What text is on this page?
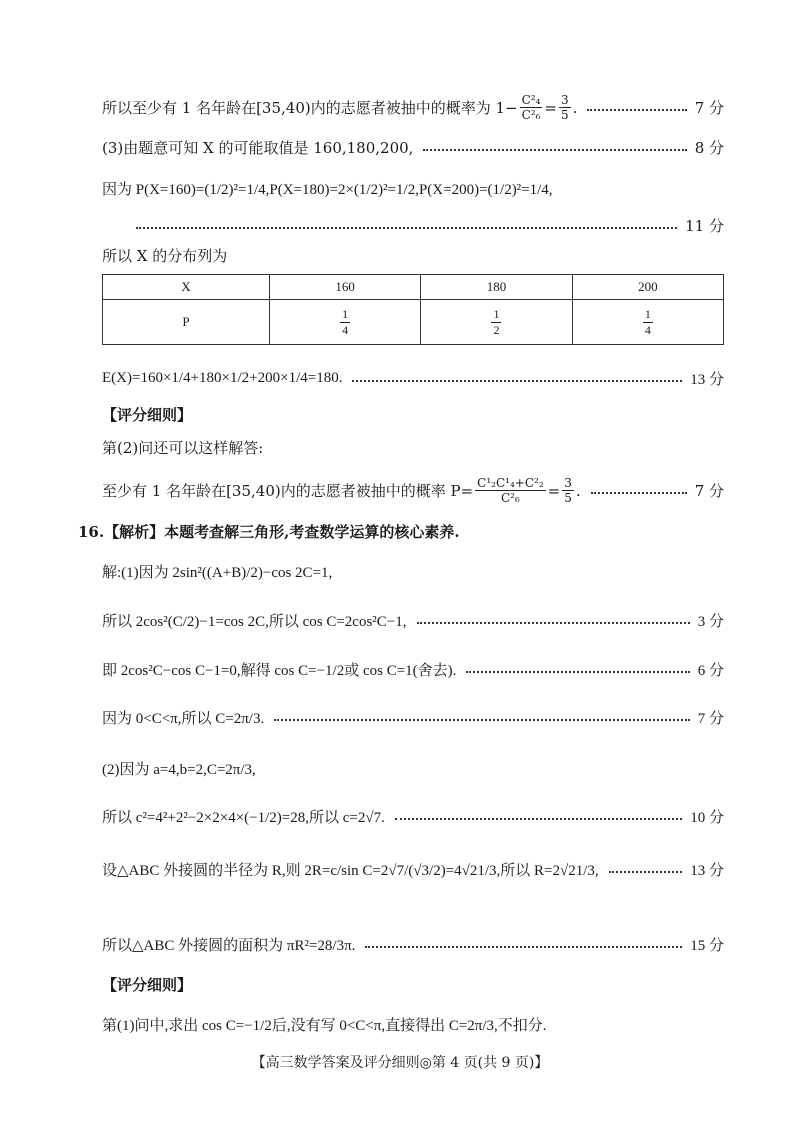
所以至少有 1 名年龄在[35,40)内的志愿者被抽中的概率为 $1- \frac{\text{C²₄}}{\text{C²₆}} = \frac{3}{5}$ .	7 分
(3)由题意可知 X 的可能取值是 160,180,200,	8 分
因为 P(X=160)=(1/2)²=1/4,P(X=180)=2×(1/2)²=1/2,P(X=200)=(1/2)²=1/4,
11 分
所以 X 的分布列为
X	160	180	200
P	$\frac{1}{4}$	$\frac{1}{2}$	$\frac{1}{4}$
E(X)=160×1/4+180×1/2+200×1/4=180.	13 分
【评分细则】
第(2)问还可以这样解答:
至少有 1 名年龄在[35,40)内的志愿者被抽中的概率 $P= \frac{\text{C¹₂C¹₄+C²₂}}{\text{C²₆}} = \frac{3}{5}$ .	7 分
16.【解析】本题考查解三角形,考查数学运算的核心素养.
解:(1)因为 2sin²((A+B)/2)−cos 2C=1,
所以 2cos²(C/2)−1=cos 2C,所以 cos C=2cos²C−1,	3 分
即 2cos²C−cos C−1=0,解得 cos C=−1/2或 cos C=1(舍去).	6 分
因为 0<C<π,所以 C=2π/3.	7 分
(2)因为 a=4,b=2,C=2π/3,
所以 c²=4²+2²−2×2×4×(−1/2)=28,所以 c=2√7.	10 分
设△ABC 外接圆的半径为 R,则 2R=c/sin C=2√7/(√3/2)=4√21/3,所以 R=2√21/3,	13 分
所以△ABC 外接圆的面积为 πR²=28/3π.	15 分
【评分细则】
第(1)问中,求出 cos C=−1/2后,没有写 0<C<π,直接得出 C=2π/3,不扣分.
【高三数学答案及评分细则◎第 4 页(共 9 页)】
